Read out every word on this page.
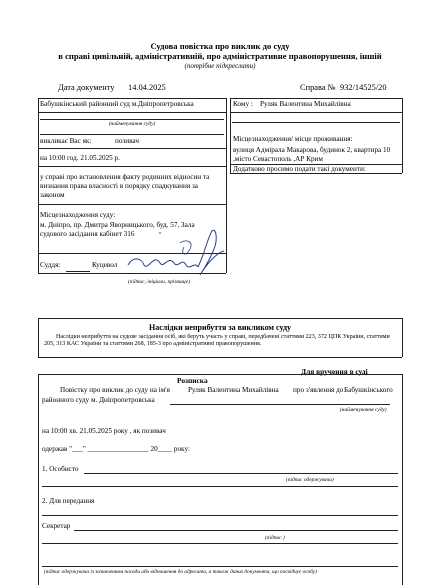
Судова повістка про виклик до суду
в справі цивільній, адміністративній, про адміністративне правопорушення, іншій
(потрібне підкреслити)
Дата документу 14.04.2025	Справа № 932/14525/20
Бабушкінський районний суд м.Дніпропетровська
(найменування суду)
викликає Вас як:	позивач
на 10:00 год. 21.05.2025 р.
у справі про встановлення факту родинних відносин та визнання права власності в порядку спадкування за законом
Місцезнаходження суду:
м. Дніпро, пр. Дмитра Яворницького, буд. 57, Зала судового засідання кабінет 316
Суддя:	Куцевол
(підпис, ініціали, прізвище)
Кому : Руляк Валентина Михайлівна
Місцезнаходження/ місце проживання:
вулиця Адмірала Макарова, будинок 2, квартира 10 ,місто Севастополь ,АР Крим
Додатково просимо подати такі документи:
Наслідки неприбуття за викликом суду
Наслідки неприбуття на судове засідання осіб, які беруть участь у справі, передбачені статтями 223, 372 ЦПК України, статтями 205, 313 КАС України та статтями 268, 185-3 про адміністративні правопорушення.
Для вручення в суді
Розписка
Повістку про виклик до суду на ім'я	Руляк Валентина Михайлівна про з'явлення до Бабушкінського
районного суду м. Дніпропетровська
(найменування суду)
на 10:00 хв. 21.05.2025 року , як позивач
одержав "___" _________________ 20____ року:
1. Особисто
(підпис одержувача)
2. Для передання
Секретар
(підпис )
(підпис одержувача із зазначенням посади або відношення до адресата, а також даних документа, що посвідчує особу)
